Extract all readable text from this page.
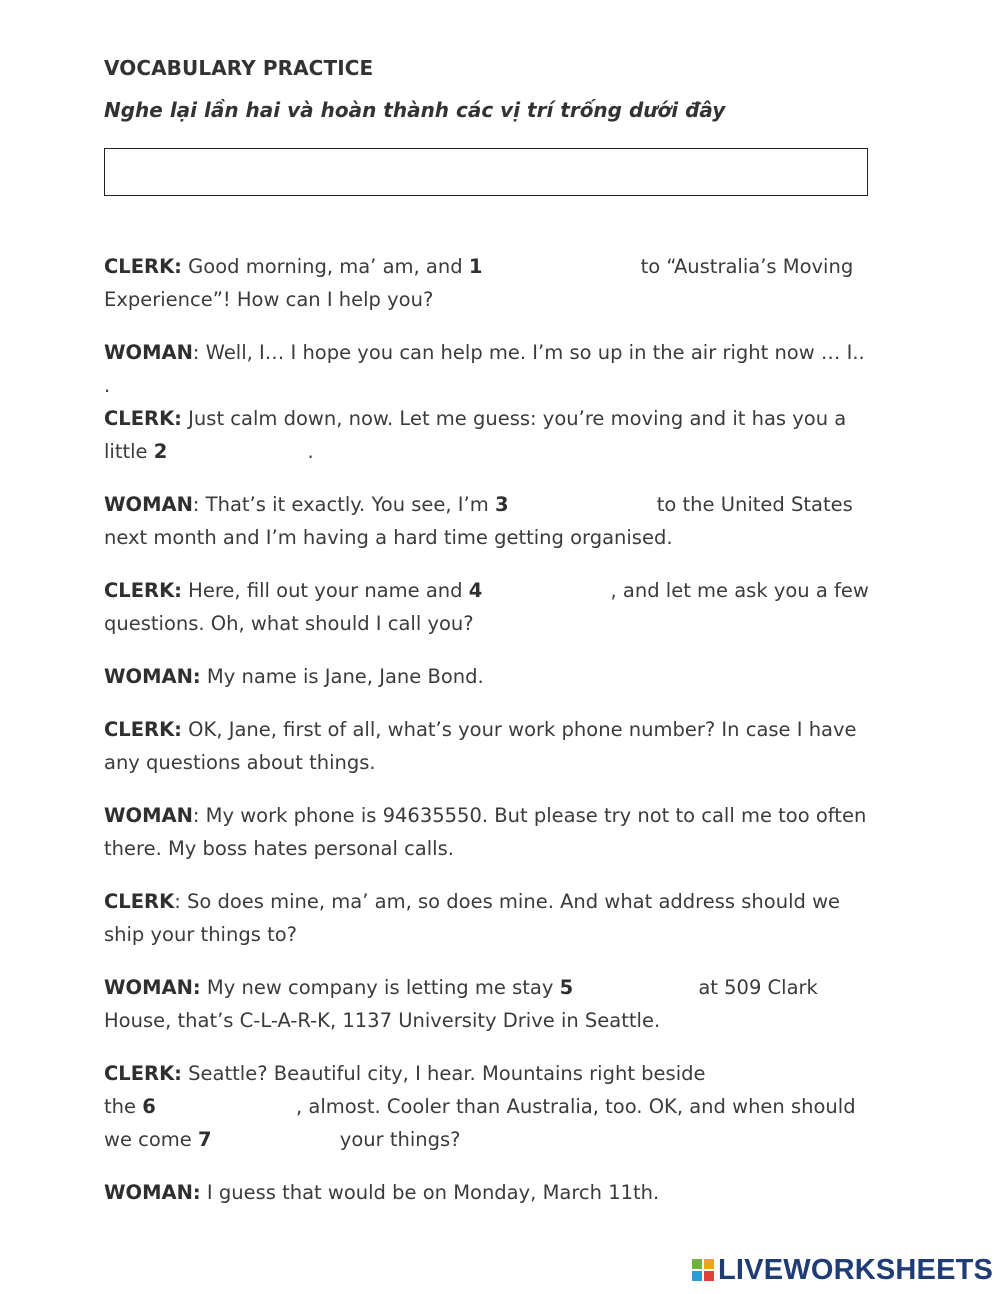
VOCABULARY PRACTICE

Nghe lại lần hai và hoàn thành các vị trí trống dưới đây

CLERK: Good morning, ma’ am, and 1	to “Australia’s Moving Experience”! How can I help you?

WOMAN: Well, I… I hope you can help me. I’m so up in the air right now … I.. .
CLERK: Just calm down, now. Let me guess: you’re moving and it has you a little 2	.

WOMAN: That’s it exactly. You see, I’m 3	to the United States next month and I’m having a hard time getting organised.

CLERK: Here, fill out your name and 4	, and let me ask you a few questions. Oh, what should I call you?

WOMAN: My name is Jane, Jane Bond.

CLERK: OK, Jane, first of all, what’s your work phone number? In case I have any questions about things.

WOMAN: My work phone is 94635550. But please try not to call me too often there. My boss hates personal calls.

CLERK: So does mine, ma’ am, so does mine. And what address should we ship your things to?

WOMAN: My new company is letting me stay 5	at 509 Clark House, that’s C-L-A-R-K, 1137 University Drive in Seattle.

CLERK: Seattle? Beautiful city, I hear. Mountains right beside
the 6	, almost. Cooler than Australia, too. OK, and when should we come 7	your things?

WOMAN: I guess that would be on Monday, March 11th.

LIVEWORKSHEETS
